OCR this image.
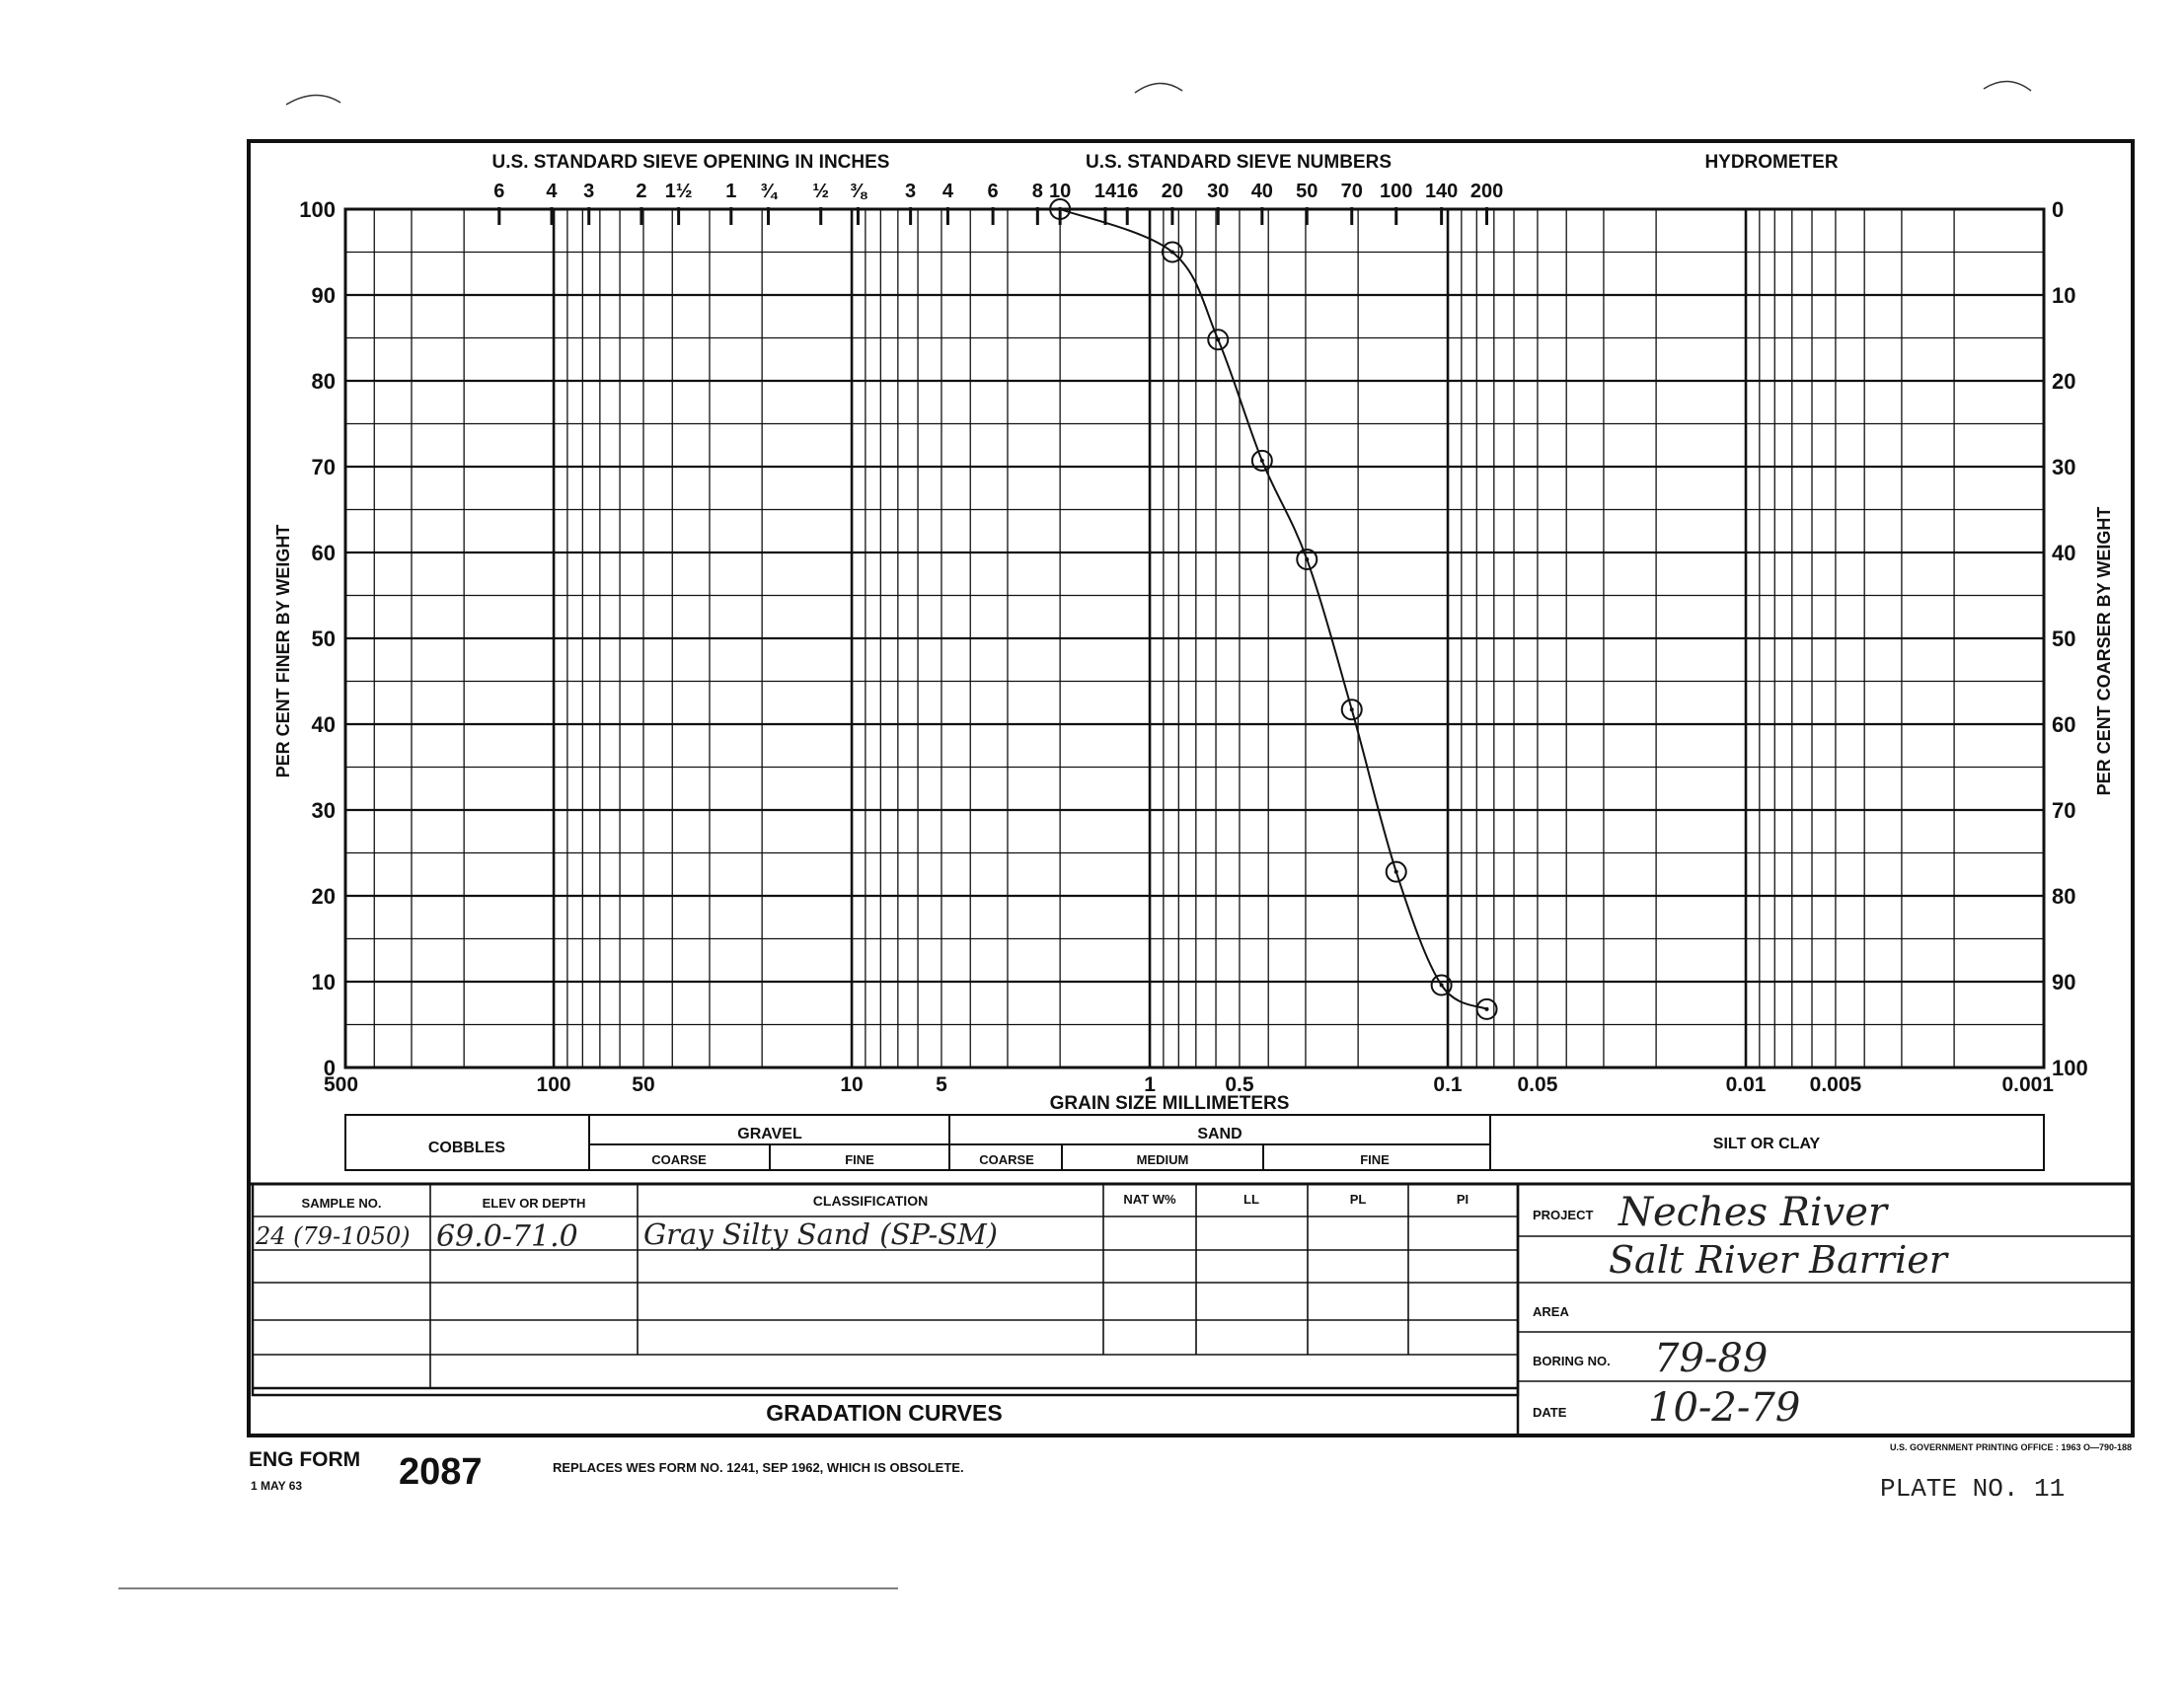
U.S. STANDARD SIEVE OPENING IN INCHES	U.S. STANDARD SIEVE NUMBERS	HYDROMETER
6 4 3 2 1½ 1 ¾ ½ ⅜ 3 4 6 8 10 14 16 20 30 40 50 70 100 140 200
0
10
20
30
40
50
60
70
80
90
100
100
90
80
70
60
50
40
30
20
10
0
500	100	50	10	5	1	0.5	0.1	0.05	0.01 0.005	0.001
GRAIN SIZE MILLIMETERS
PER CENT FINER BY WEIGHT	PER CENT COARSER BY WEIGHT
COBBLES
GRAVEL
COARSE	FINE
SAND
COARSE	MEDIUM	FINE
SILT OR CLAY
SAMPLE NO.	ELEV OR DEPTH	CLASSIFICATION	NAT W%	LL	PL	PI
24 (79-1050) 69.0-71.0 Gray Silty Sand (SP-SM)
GRADATION CURVES
PROJECT Neches River
Salt River Barrier
AREA
BORING NO. 79-89
DATE 10-2-79
ENG FORM
1 MAY 63	2087	REPLACES WES FORM NO. 1241, SEP 1962, WHICH IS OBSOLETE.
U.S. GOVERNMENT PRINTING OFFICE : 1963 O—790-188
PLATE NO. 11
